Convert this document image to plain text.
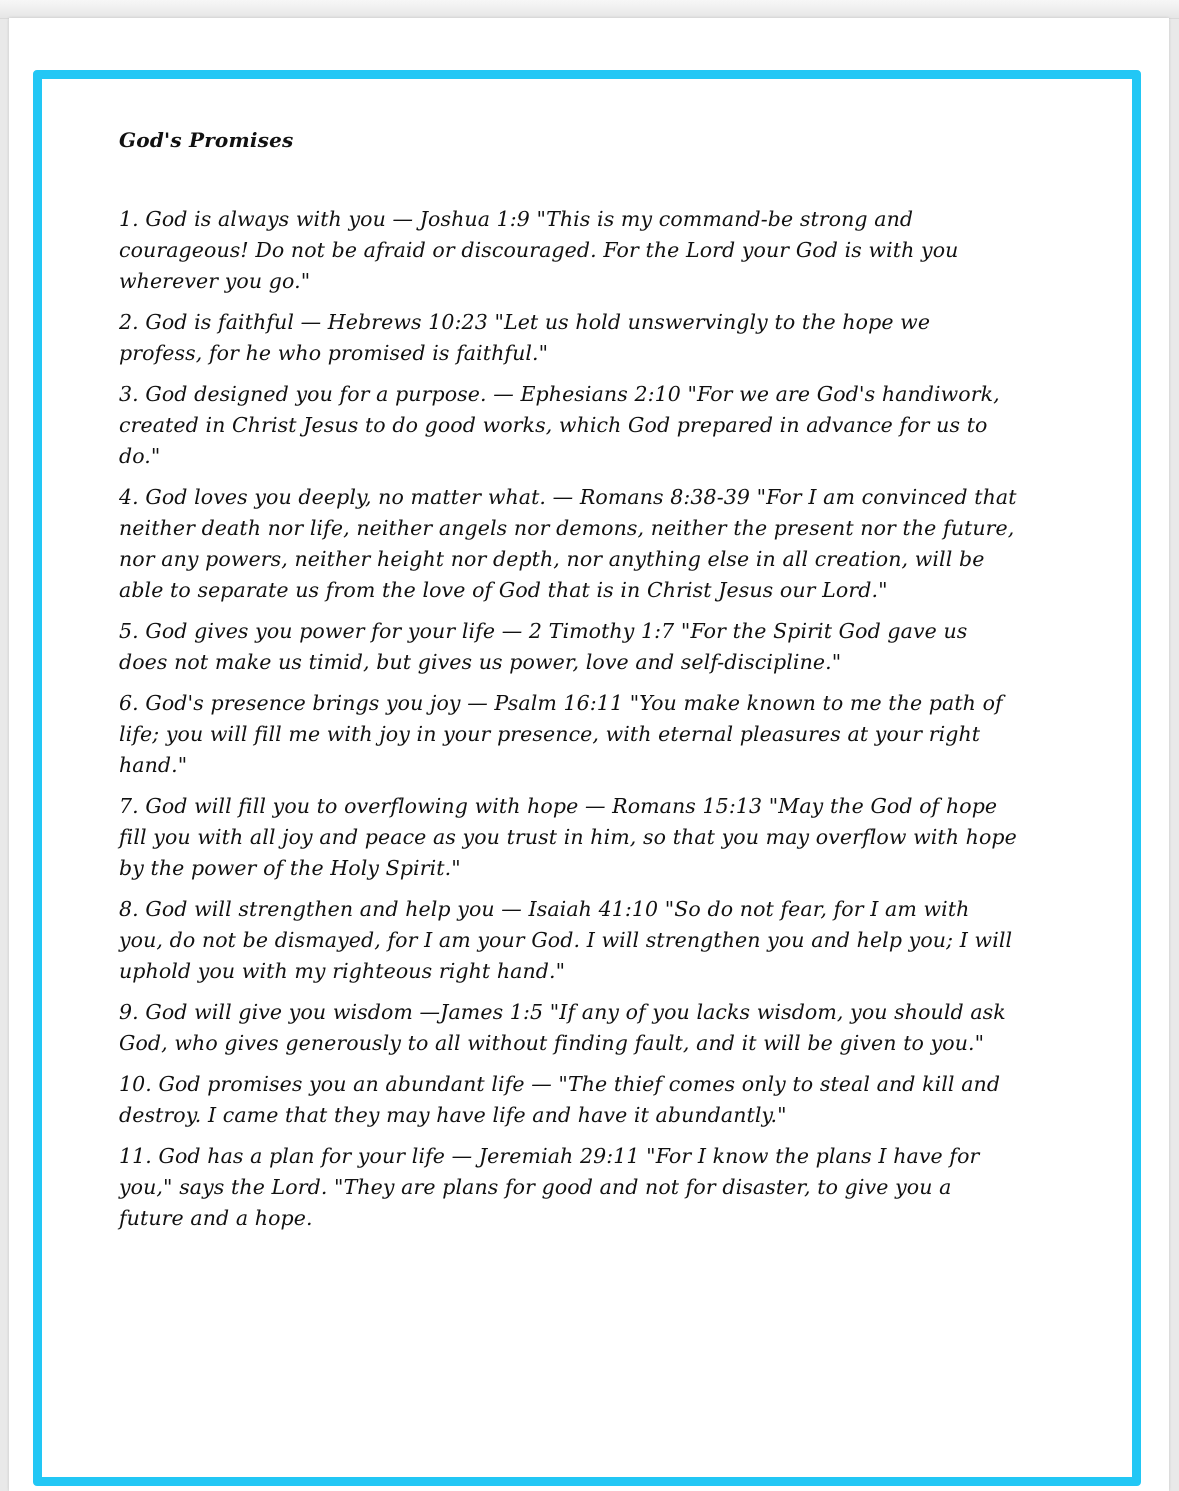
God's Promises

1. God is always with you — Joshua 1:9 "This is my command-be strong and courageous! Do not be afraid or discouraged. For the Lord your God is with you wherever you go."

2. God is faithful — Hebrews 10:23 "Let us hold unswervingly to the hope we profess, for he who promised is faithful."

3. God designed you for a purpose. — Ephesians 2:10 "For we are God's handiwork, created in Christ Jesus to do good works, which God prepared in advance for us to do."

4. God loves you deeply, no matter what. — Romans 8:38-39 "For I am convinced that neither death nor life, neither angels nor demons, neither the present nor the future, nor any powers, neither height nor depth, nor anything else in all creation, will be able to separate us from the love of God that is in Christ Jesus our Lord."

5. God gives you power for your life — 2 Timothy 1:7 "For the Spirit God gave us does not make us timid, but gives us power, love and self-discipline."

6. God's presence brings you joy — Psalm 16:11 "You make known to me the path of life; you will fill me with joy in your presence, with eternal pleasures at your right hand."

7. God will fill you to overflowing with hope — Romans 15:13 "May the God of hope fill you with all joy and peace as you trust in him, so that you may overflow with hope by the power of the Holy Spirit."

8. God will strengthen and help you — Isaiah 41:10 "So do not fear, for I am with you, do not be dismayed, for I am your God. I will strengthen you and help you; I will uphold you with my righteous right hand."

9. God will give you wisdom —James 1:5 "If any of you lacks wisdom, you should ask God, who gives generously to all without finding fault, and it will be given to you."

10. God promises you an abundant life — "The thief comes only to steal and kill and destroy. I came that they may have life and have it abundantly."

11. God has a plan for your life — Jeremiah 29:11 "For I know the plans I have for you," says the Lord. "They are plans for good and not for disaster, to give you a future and a hope.
